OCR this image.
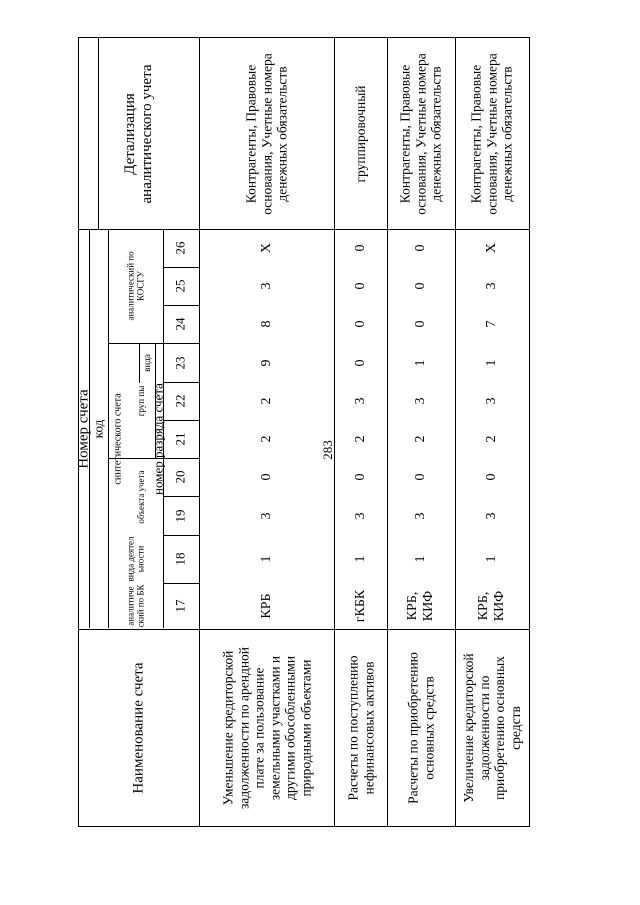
283
Наименование счета
Номер счета
код
аналитиче ский по БК
вида деятел ьности
синтетического счета
объекта учета
груп пы
вида
номер разряда счета
аналитический по КОСГУ
17
18
19
20
21
22
23
24
25
26
Детализация аналитического учета
Уменьшение кредиторской задолженности по арендной плате за пользование земельными участками и другими обособленными природными объектами
КРБ
1
3
0
2
2
9
8
3
X
Контрагенты, Правовые основания, Учетные номера денежных обязательств
Расчеты по поступлению нефинансовых активов
гКБК
1
3
0
2
3
0
0
0
0
группировочный
Расчеты по приобретению основных средств
КРБ, КИФ
1
3
0
2
3
1
0
0
0
Контрагенты, Правовые основания, Учетные номера денежных обязательств
Увеличение кредиторской задолженности по приобретению основных средств
КРБ, КИФ
1
3
0
2
3
1
7
3
X
Контрагенты, Правовые основания, Учетные номера денежных обязательств
